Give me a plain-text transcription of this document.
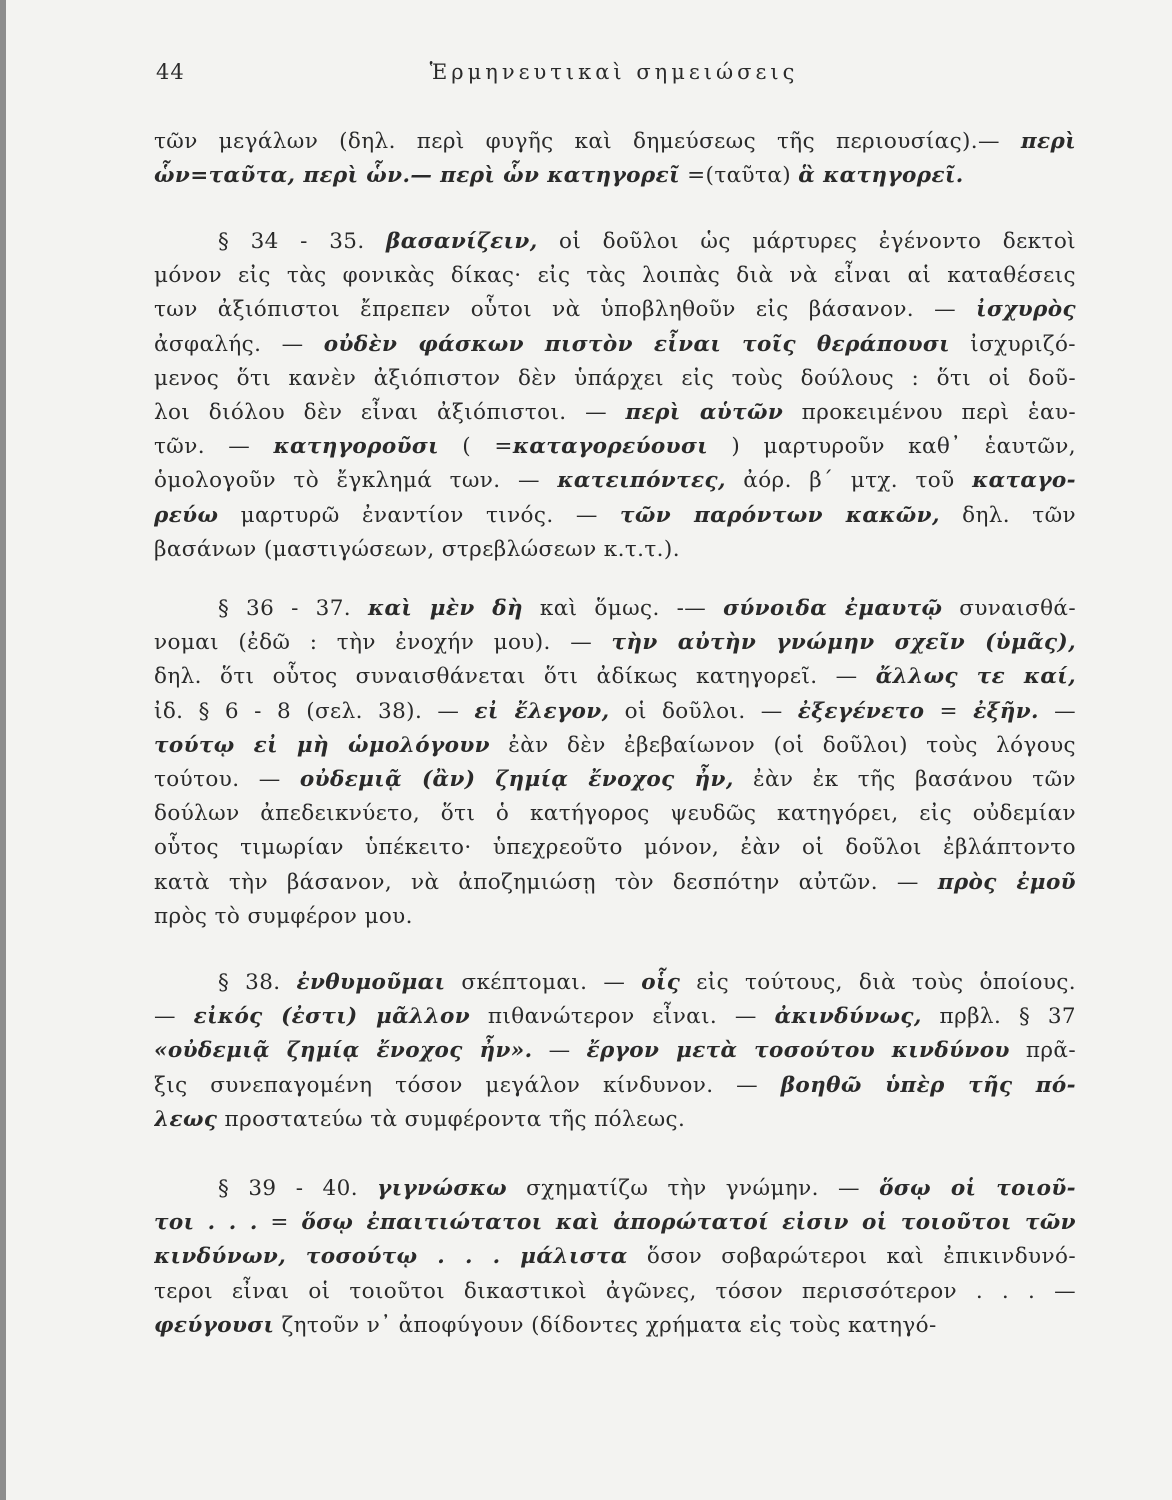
44	Ἑρμηνευτικαὶ σημειώσεις
τῶν μεγάλων (δηλ. περὶ φυγῆς καὶ δημεύσεως τῆς περιουσίας).— περὶ
ὧν=ταῦτα, περὶ ὧν.— περὶ ὧν κατηγορεῖ =(ταῦτα) ἃ κατηγορεῖ.
§ 34 - 35. βασανίζειν, οἱ δοῦλοι ὡς μάρτυρες ἐγένοντο δεκτοὶ
μόνον εἰς τὰς φονικὰς δίκας· εἰς τὰς λοιπὰς διὰ νὰ εἶναι αἱ καταθέσεις
των ἀξιόπιστοι ἔπρεπεν οὗτοι νὰ ὑποβληθοῦν εἰς βάσανον. — ἰσχυρὸς
ἀσφαλής. — οὐδὲν φάσκων πιστὸν εἶναι τοῖς θεράπουσι ἰσχυριζό-
μενος ὅτι κανὲν ἀξιόπιστον δὲν ὑπάρχει εἰς τοὺς δούλους : ὅτι οἱ δοῦ-
λοι διόλου δὲν εἶναι ἀξιόπιστοι. — περὶ αὑτῶν προκειμένου περὶ ἑαυ-
τῶν. — κατηγοροῦσι ( =καταγορεύουσι ) μαρτυροῦν καθ᾽ ἑαυτῶν,
ὁμολογοῦν τὸ ἔγκλημά των. — κατειπόντες, ἀόρ. β΄ μτχ. τοῦ καταγο-
ρεύω μαρτυρῶ ἐναντίον τινός. — τῶν παρόντων κακῶν, δηλ. τῶν
βασάνων (μαστιγώσεων, στρεβλώσεων κ.τ.τ.).
§ 36 - 37. καὶ μὲν δὴ καὶ ὅμως. -— σύνοιδα ἐμαυτῷ συναισθά-
νομαι (ἐδῶ : τὴν ἐνοχήν μου). — τὴν αὐτὴν γνώμην σχεῖν (ὑμᾶς),
δηλ. ὅτι οὗτος συναισθάνεται ὅτι ἀδίκως κατηγορεῖ. — ἄλλως τε καί,
ἰδ. § 6 - 8 (σελ. 38). — εἰ ἔλεγον, οἱ δοῦλοι. — ἐξεγένετο = ἐξῆν. —
τούτῳ εἰ μὴ ὡμολόγουν ἐὰν δὲν ἐβεβαίωνον (οἱ δοῦλοι) τοὺς λόγους
τούτου. — οὐδεμιᾷ (ἂν) ζημίᾳ ἔνοχος ἦν, ἐὰν ἐκ τῆς βασάνου τῶν
δούλων ἀπεδεικνύετο, ὅτι ὁ κατήγορος ψευδῶς κατηγόρει, εἰς οὐδεμίαν
οὗτος τιμωρίαν ὑπέκειτο· ὑπεχρεοῦτο μόνον, ἐὰν οἱ δοῦλοι ἐβλάπτοντο
κατὰ τὴν βάσανον, νὰ ἀποζημιώσῃ τὸν δεσπότην αὐτῶν. — πρὸς ἐμοῦ
πρὸς τὸ συμφέρον μου.
§ 38. ἐνθυμοῦμαι σκέπτομαι. — οἷς εἰς τούτους, διὰ τοὺς ὁποίους.
— εἰκός (ἐστι) μᾶλλον πιθανώτερον εἶναι. — ἀκινδύνως, πρβλ. § 37
«οὐδεμιᾷ ζημίᾳ ἔνοχος ἦν». — ἔργον μετὰ τοσούτου κινδύνου πρᾶ-
ξις συνεπαγομένη τόσον μεγάλον κίνδυνον. — βοηθῶ ὑπὲρ τῆς πό-
λεως προστατεύω τὰ συμφέροντα τῆς πόλεως.
§ 39 - 40. γιγνώσκω σχηματίζω τὴν γνώμην. — ὅσῳ οἱ τοιοῦ-
τοι . . . = ὅσῳ ἐπαιτιώτατοι καὶ ἀπορώτατοί εἰσιν οἱ τοιοῦτοι τῶν
κινδύνων, τοσούτῳ . . . μάλιστα ὅσον σοβαρώτεροι καὶ ἐπικινδυνό-
τεροι εἶναι οἱ τοιοῦτοι δικαστικοὶ ἀγῶνες, τόσον περισσότερον . . . —
φεύγουσι ζητοῦν ν᾽ ἀποφύγουν (δίδοντες χρήματα εἰς τοὺς κατηγό-
